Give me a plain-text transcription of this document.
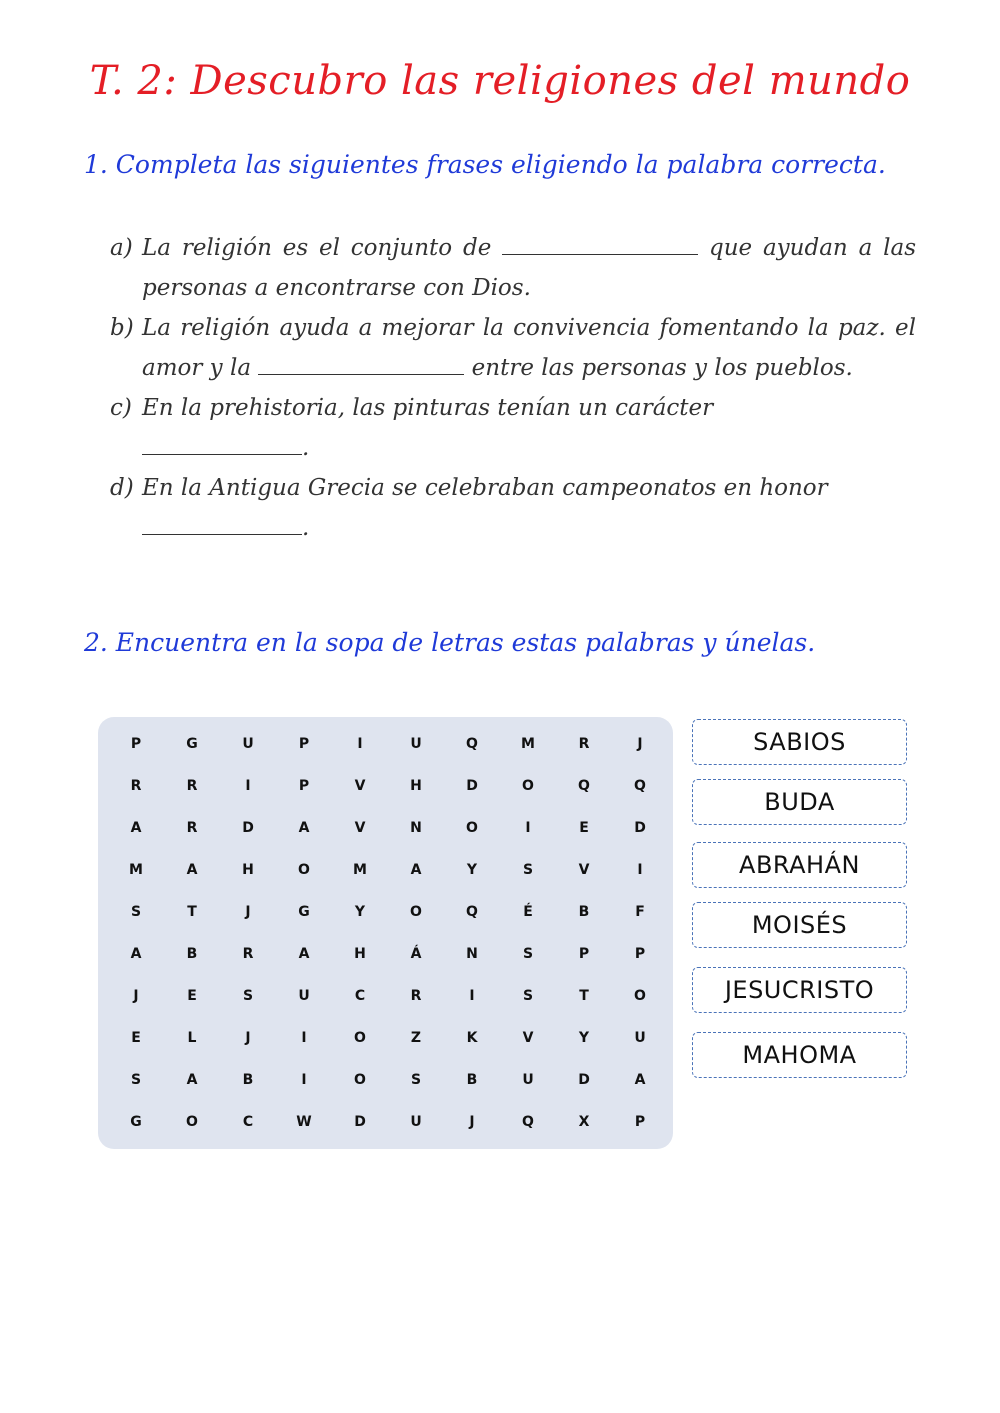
T. 2: Descubro las religiones del mundo
1. Completa las siguientes frases eligiendo la palabra correcta.
a) La religión es el conjunto de	que ayudan a las personas a encontrarse con Dios.
b) La religión ayuda a mejorar la convivencia fomentando la paz. el amor y la	entre las personas y los pueblos.
c) En la prehistoria, las pinturas tenían un carácter
.
d) En la Antigua Grecia se celebraban campeonatos en honor
.
2. Encuentra en la sopa de letras estas palabras y únelas.
P	G	U	P	I	U	Q	M	R	J
R	R	I	P	V	H	D	O	Q	Q
A	R	D	A	V	N	O	I	E	D
M	A	H	O	M	A	Y	S	V	I
S	T	J	G	Y	O	Q	É	B	F
A	B	R	A	H	Á	N	S	P	P
J	E	S	U	C	R	I	S	T	O
E	L	J	I	O	Z	K	V	Y	U
S	A	B	I	O	S	B	U	D	A
G	O	C	W	D	U	J	Q	X	P
SABIOS
BUDA
ABRAHÁN
MOISÉS
JESUCRISTO
MAHOMA
